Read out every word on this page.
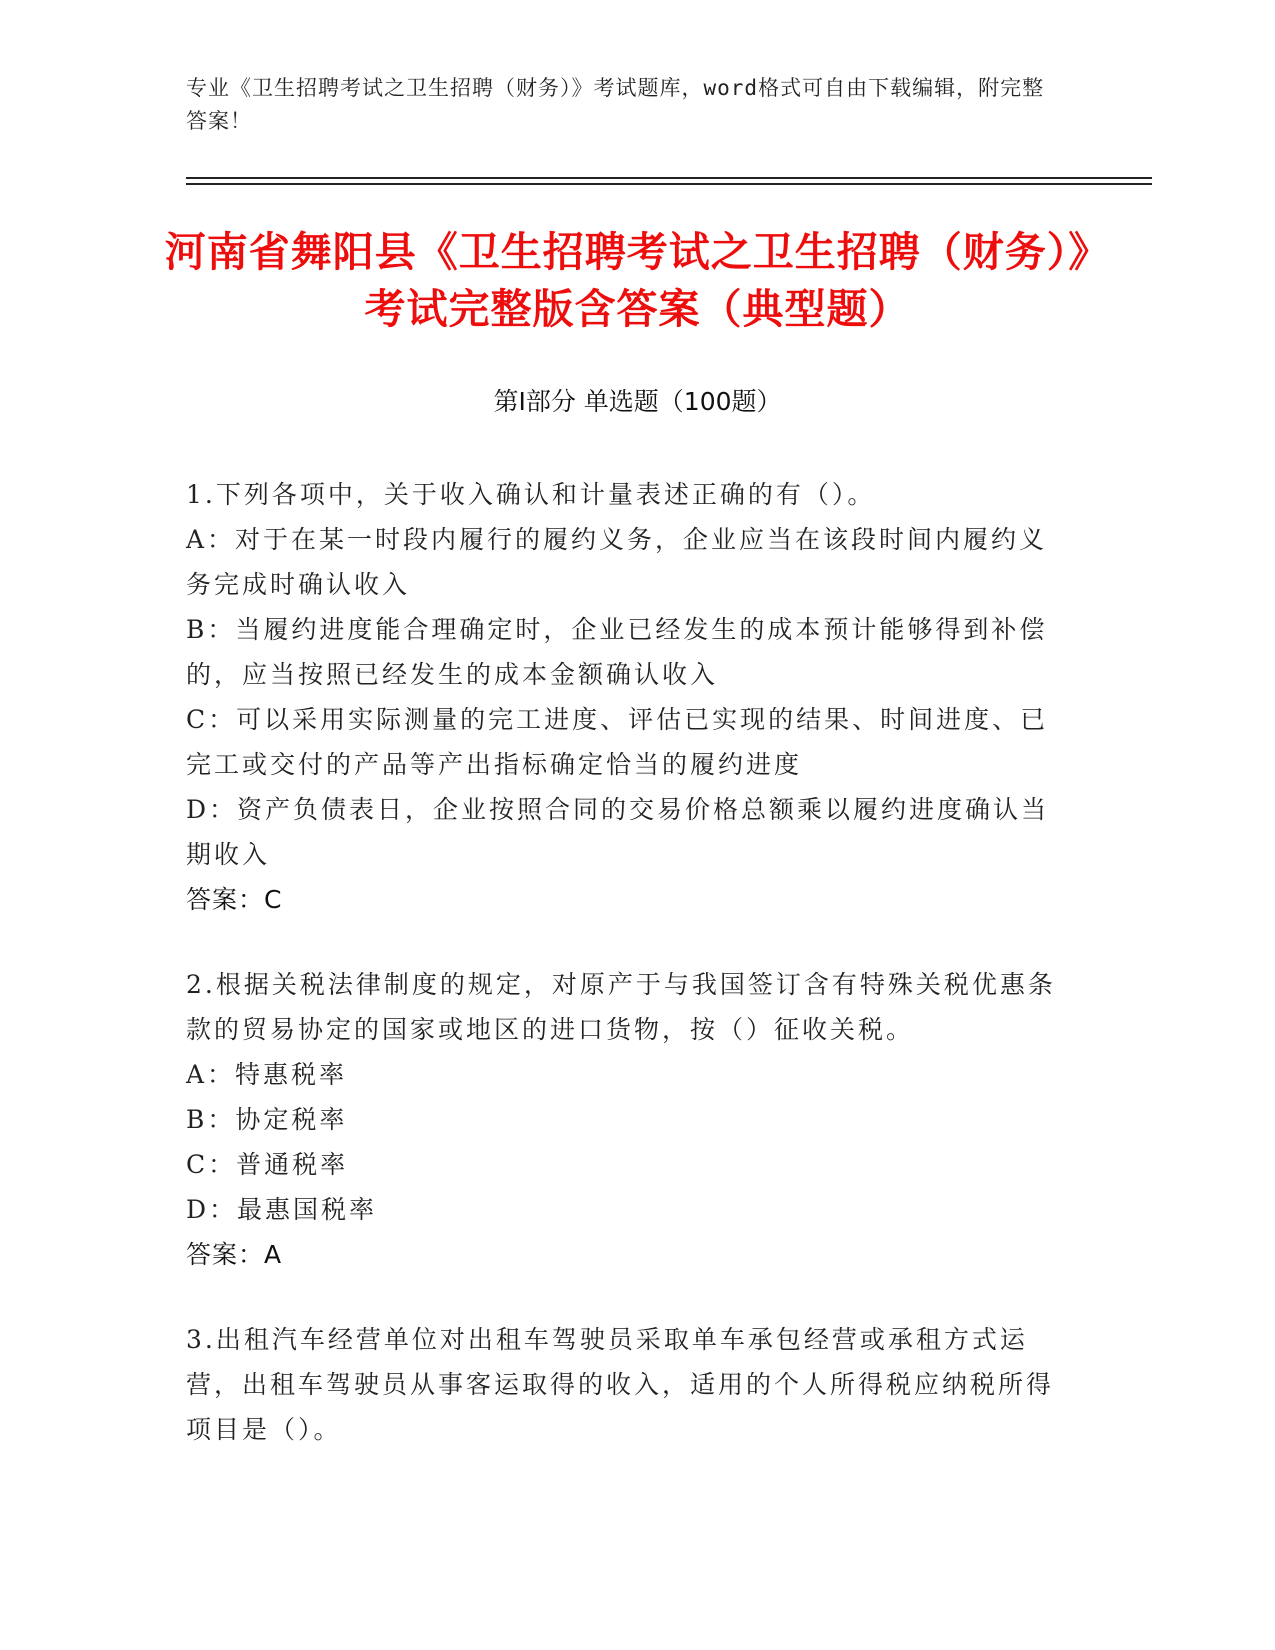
专业《卫生招聘考试之卫生招聘（财务）》考试题库，word格式可自由下载编辑，附完整答案！
河南省舞阳县《卫生招聘考试之卫生招聘（财务）》考试完整版含答案（典型题）
第I部分 单选题（100题）

1.下列各项中，关于收入确认和计量表述正确的有（）。

A：对于在某一时段内履行的履约义务，企业应当在该段时间内履约义务完成时确认收入

B：当履约进度能合理确定时，企业已经发生的成本预计能够得到补偿的，应当按照已经发生的成本金额确认收入

C：可以采用实际测量的完工进度、评估已实现的结果、时间进度、已完工或交付的产品等产出指标确定恰当的履约进度

D：资产负债表日，企业按照合同的交易价格总额乘以履约进度确认当期收入

答案：C

2.根据关税法律制度的规定，对原产于与我国签订含有特殊关税优惠条款的贸易协定的国家或地区的进口货物，按（）征收关税。

A：特惠税率

B：协定税率

C：普通税率

D：最惠国税率

答案：A

3.出租汽车经营单位对出租车驾驶员采取单车承包经营或承租方式运营，出租车驾驶员从事客运取得的收入，适用的个人所得税应纳税所得项目是（）。
